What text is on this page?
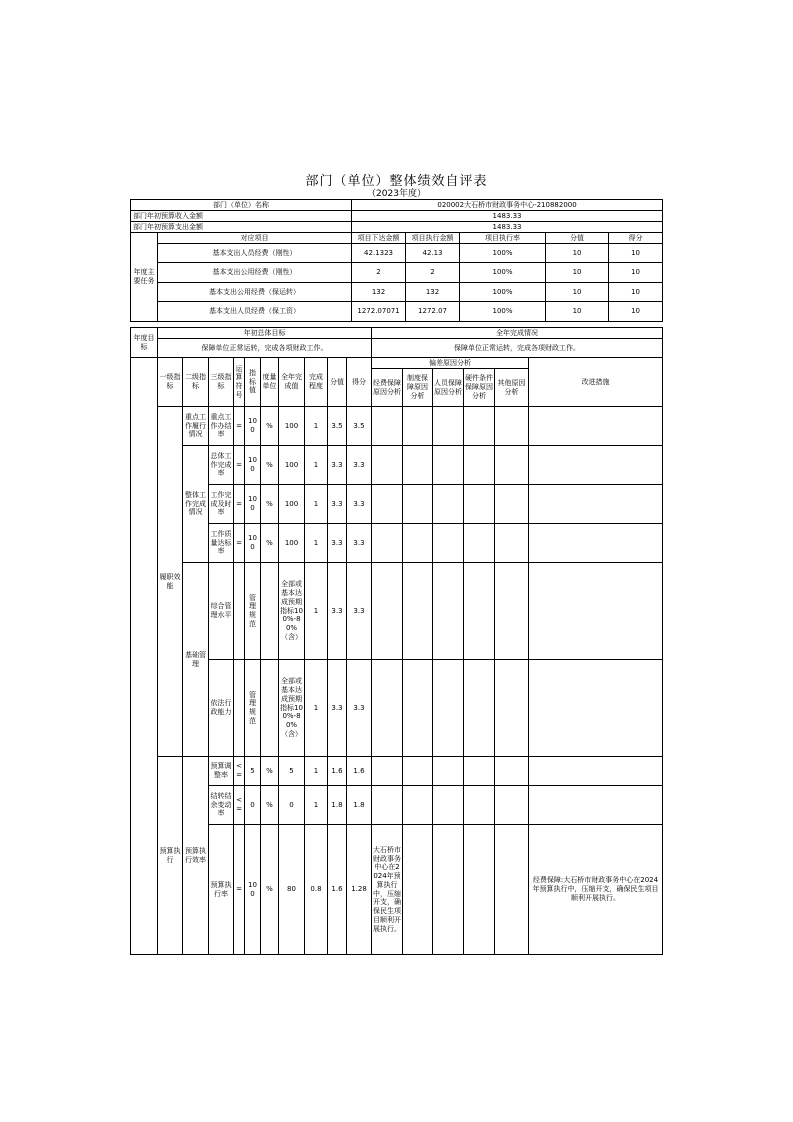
部门（单位）整体绩效自评表
（2023年度）
部门（单位）名称		020002大石桥市财政事务中心-210882000				
部门年初预算收入金额		1483.33				
部门年初预算支出金额		1483.33				
年度主要任务	对应项目	项目下达金额	项目执行金额	项目执行率	分值	得分
	基本支出人员经费（刚性）	42.1323	42.13	100%	10	10
	基本支出公用经费（刚性）	2	2	100%	10	10
	基本支出公用经费（保运转）	132	132	100%	10	10
	基本支出人员经费（保工资）	1272.07071	1272.07	100%	10	10
年度目标	年初总体目标										全年完成情况					
	保障单位正常运转，完成各项财政工作。										保障单位正常运转，完成各项财政工作。					
	一级指标	二级指标	三级指标	运算符号	指标值	度量单位	全年完成值	完成程度	分值	得分	偏差原因分析					改进措施
											经费保障原因分析	制度保障原因分析	人员保障原因分析	硬件条件保障原因分析	其他原因分析	
	履职效能	重点工作履行情况	重点工作办结率	=	100	%	100	1	3.5	3.5						
		整体工作完成情况	总体工作完成率	=	100	%	100	1	3.3	3.3						
			工作完成及时率	=	100	%	100	1	3.3	3.3						
			工作质量达标率	=	100	%	100	1	3.3	3.3						
		基础管理	综合管理水平		管理规范		全部或基本达成预期指标100%-80%（含）	1	3.3	3.3						
			依法行政能力		管理规范		全部或基本达成预期指标100%-80%（含）	1	3.3	3.3						
	预算执行	预算执行效率	预算调整率	<=	5	%	5	1	1.6	1.6						
			结转结余变动率	<=	0	%	0	1	1.8	1.8						
			预算执行率	=	100	%	80	0.8	1.6	1.28	大石桥市财政事务中心在2024年预算执行中，压缩开支，确保民生项目顺利开展执行。					经费保障:大石桥市财政事务中心在2024年预算执行中，压缩开支，确保民生项目顺利开展执行。
